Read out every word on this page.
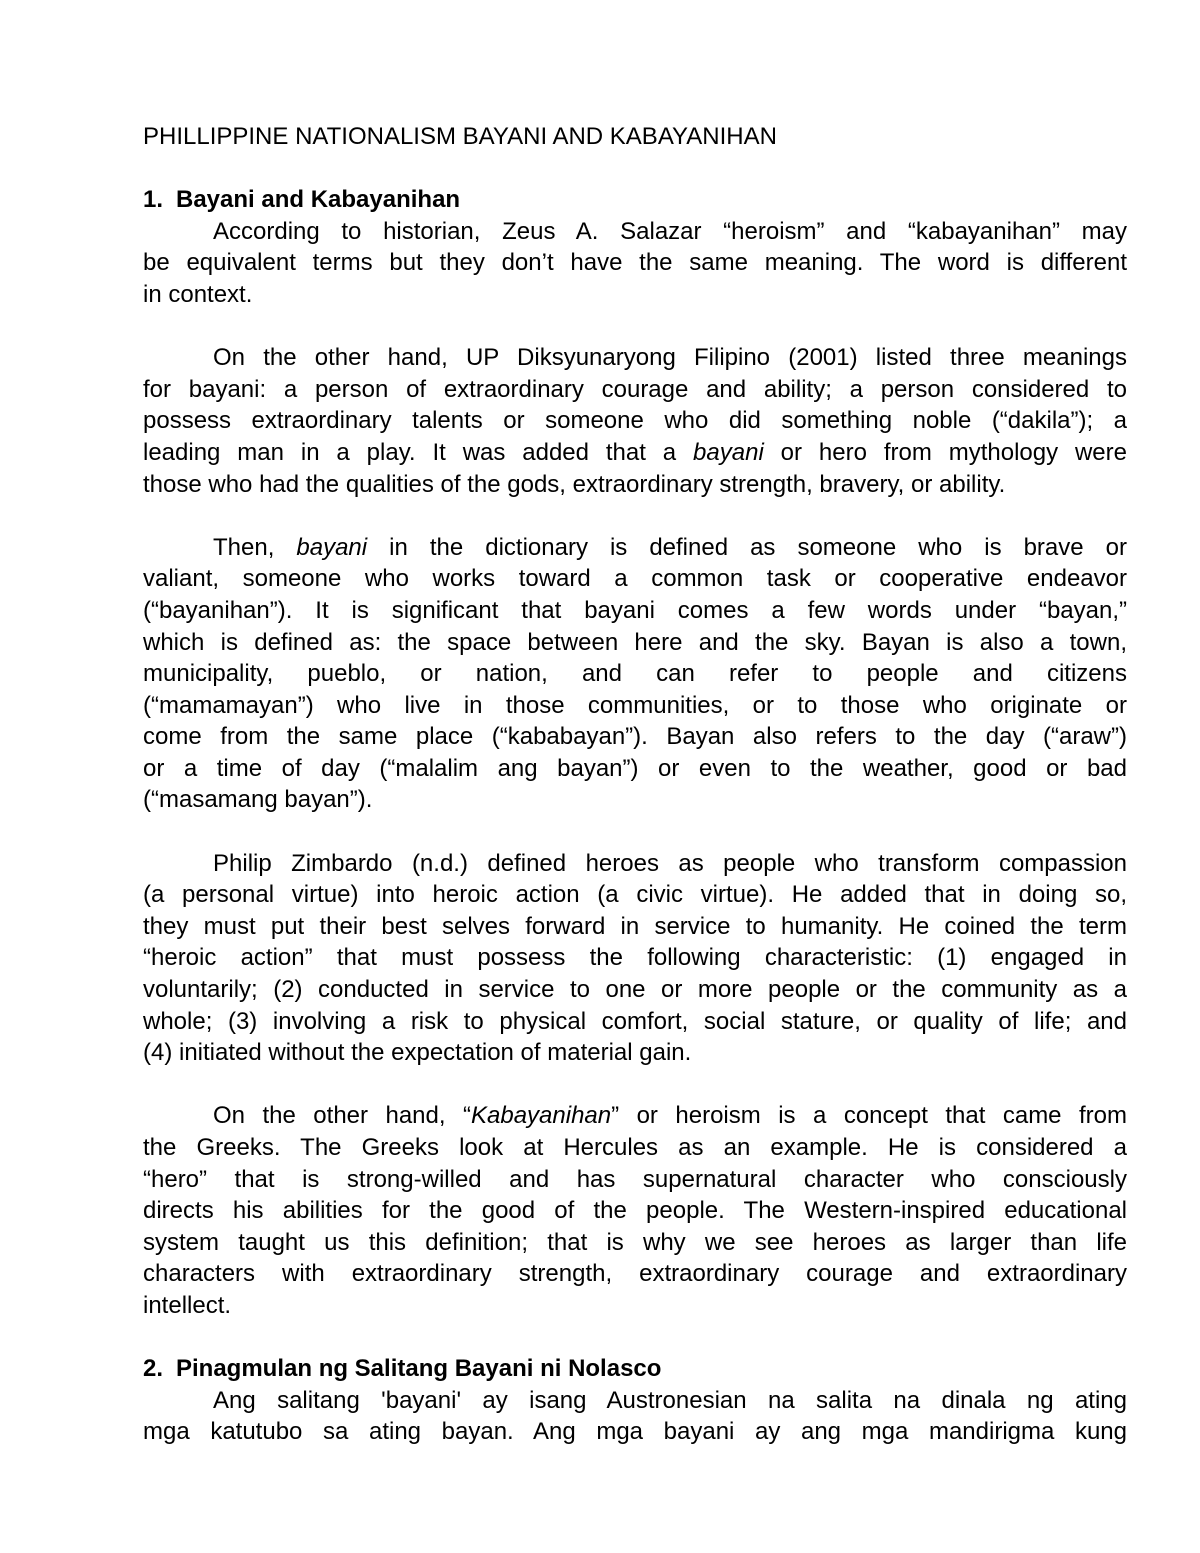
PHILLIPPINE NATIONALISM BAYANI AND KABAYANIHAN
1. Bayani and Kabayanihan
According to historian, Zeus A. Salazar “heroism” and “kabayanihan” may
be equivalent terms but they don’t have the same meaning. The word is different
in context.
On the other hand, UP Diksyunaryong Filipino (2001) listed three meanings
for bayani: a person of extraordinary courage and ability; a person considered to
possess extraordinary talents or someone who did something noble (“dakila”); a
leading man in a play. It was added that a bayani or hero from mythology were
those who had the qualities of the gods, extraordinary strength, bravery, or ability.
Then, bayani in the dictionary is defined as someone who is brave or
valiant, someone who works toward a common task or cooperative endeavor
(“bayanihan”). It is significant that bayani comes a few words under “bayan,”
which is defined as: the space between here and the sky. Bayan is also a town,
municipality, pueblo, or nation, and can refer to people and citizens
(“mamamayan”) who live in those communities, or to those who originate or
come from the same place (“kababayan”). Bayan also refers to the day (“araw”)
or a time of day (“malalim ang bayan”) or even to the weather, good or bad
(“masamang bayan”).
Philip Zimbardo (n.d.) defined heroes as people who transform compassion
(a personal virtue) into heroic action (a civic virtue). He added that in doing so,
they must put their best selves forward in service to humanity. He coined the term
“heroic action” that must possess the following characteristic: (1) engaged in
voluntarily; (2) conducted in service to one or more people or the community as a
whole; (3) involving a risk to physical comfort, social stature, or quality of life; and
(4) initiated without the expectation of material gain.
On the other hand, “Kabayanihan” or heroism is a concept that came from
the Greeks. The Greeks look at Hercules as an example. He is considered a
“hero” that is strong-willed and has supernatural character who consciously
directs his abilities for the good of the people. The Western-inspired educational
system taught us this definition; that is why we see heroes as larger than life
characters with extraordinary strength, extraordinary courage and extraordinary
intellect.
2. Pinagmulan ng Salitang Bayani ni Nolasco
Ang salitang 'bayani' ay isang Austronesian na salita na dinala ng ating
mga katutubo sa ating bayan. Ang mga bayani ay ang mga mandirigma kung
